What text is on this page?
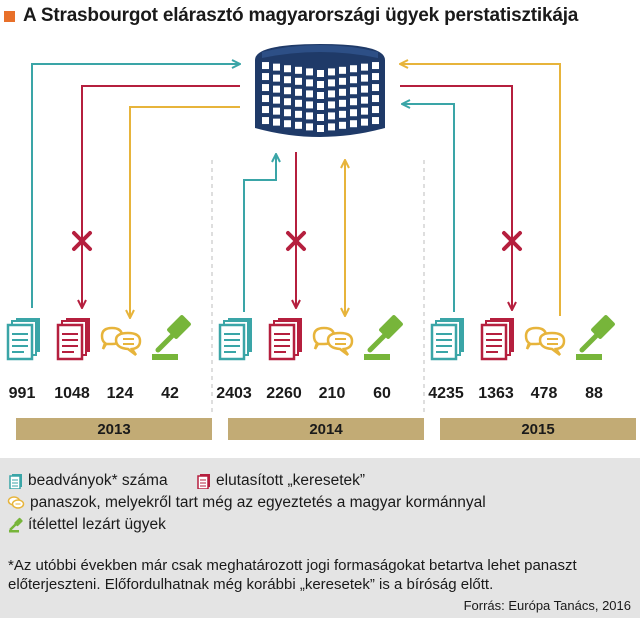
A Strasbourgot elárasztó magyarországi ügyek perstatisztikája
991 1048 124 42
2013
2403 2260 210 60
2014
4235 1363 478 88
2015
beadványok* száma	elutasított „keresetek”
panaszok, melyekről tart még az egyeztetés a magyar kormánnyal
ítélettel lezárt ügyek
*Az utóbbi években már csak meghatározott jogi formaságokat betartva lehet panaszt előterjeszteni. Előfordulhatnak még korábbi „keresetek” is a bíróság előtt.
Forrás: Európa Tanács, 2016
